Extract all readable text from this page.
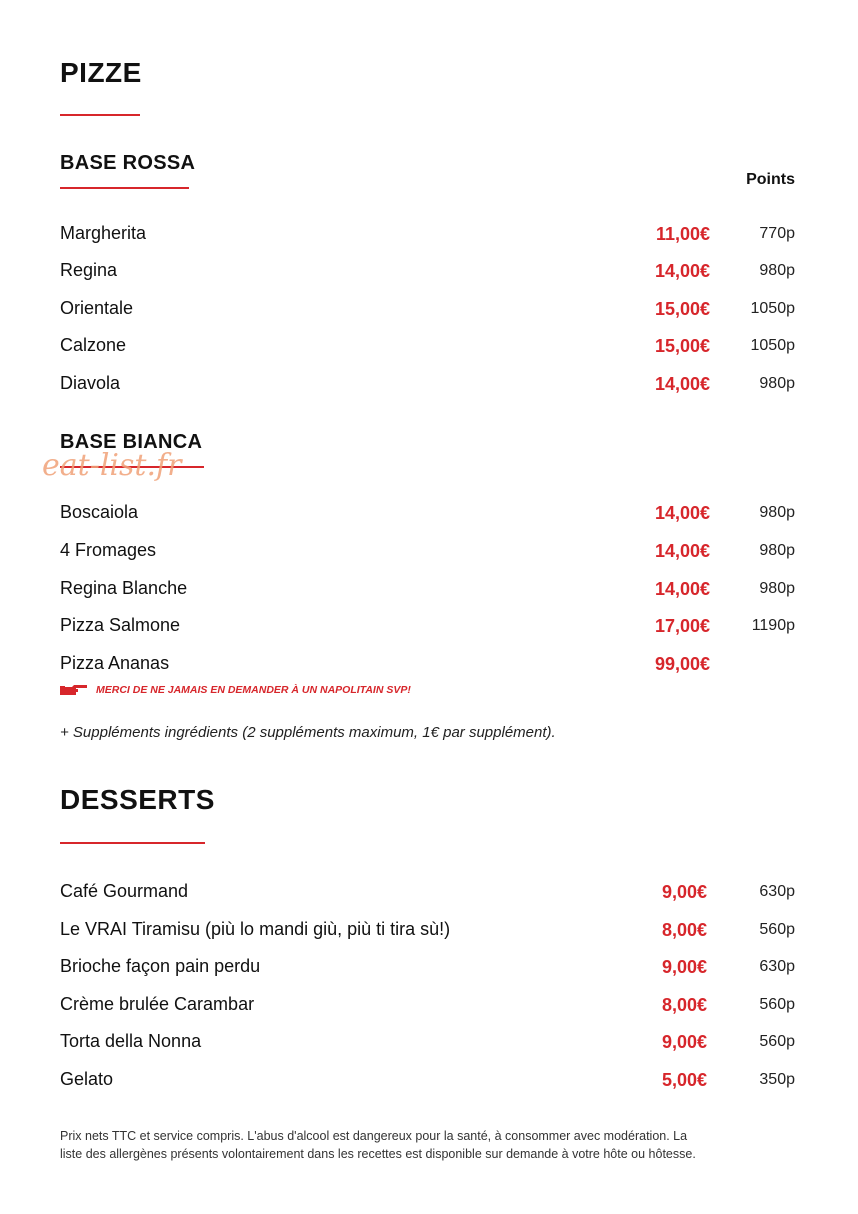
PIZZE
BASE ROSSA
Points
Margherita	11,00€	770p
Regina	14,00€	980p
Orientale	15,00€	1050p
Calzone	15,00€	1050p
Diavola	14,00€	980p
BASE BIANCA
eat-list.fr
Boscaiola	14,00€	980p
4 Fromages	14,00€	980p
Regina Blanche	14,00€	980p
Pizza Salmone	17,00€	1190p
Pizza Ananas	99,00€
MERCI DE NE JAMAIS EN DEMANDER À UN NAPOLITAIN SVP!
+ Suppléments ingrédients (2 suppléments maximum, 1€ par supplément).
DESSERTS
Café Gourmand	9,00€	630p
Le VRAI Tiramisu (più lo mandi giù, più ti tira sù!)	8,00€	560p
Brioche façon pain perdu	9,00€	630p
Crème brulée Carambar	8,00€	560p
Torta della Nonna	9,00€	560p
Gelato	5,00€	350p
Prix nets TTC et service compris. L'abus d'alcool est dangereux pour la santé, à consommer avec modération. La
liste des allergènes présents volontairement dans les recettes est disponible sur demande à votre hôte ou hôtesse.
